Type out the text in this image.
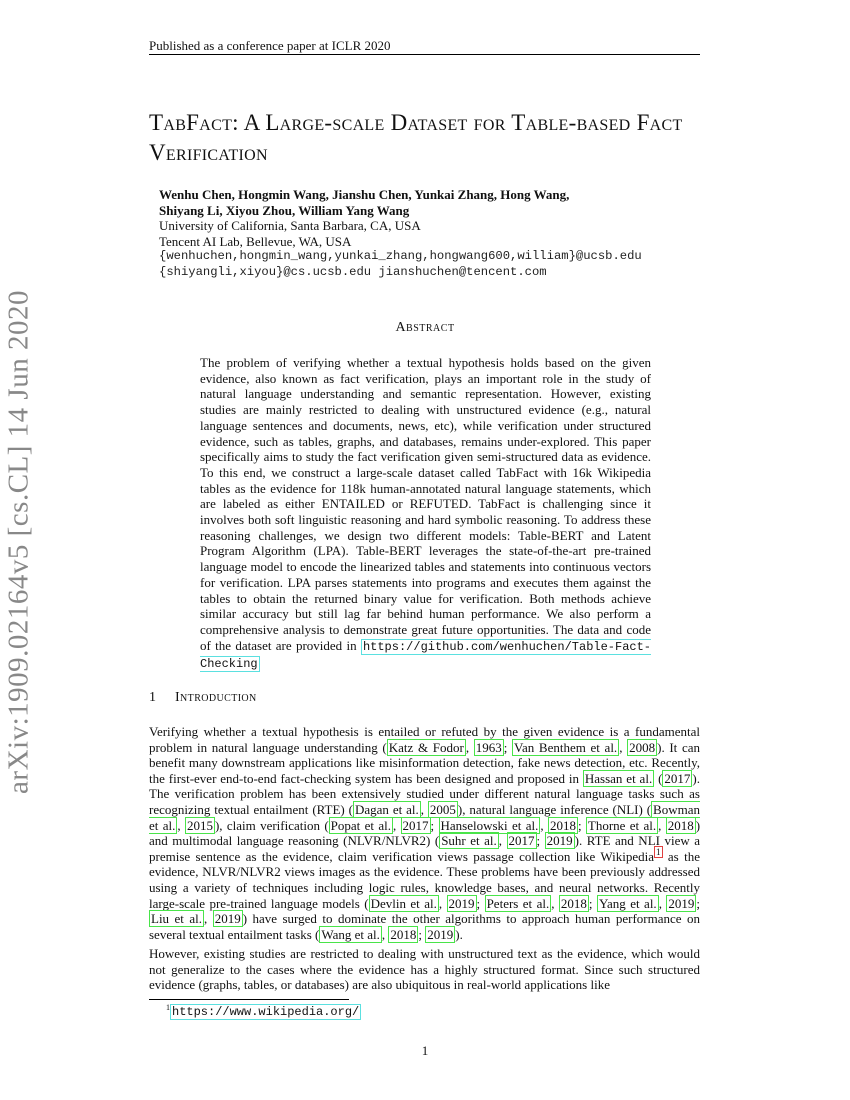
Published as a conference paper at ICLR 2020
TabFact: A Large-scale Dataset for Table-based Fact Verification
Wenhu Chen, Hongmin Wang, Jianshu Chen, Yunkai Zhang, Hong Wang,
Shiyang Li, Xiyou Zhou, William Yang Wang
University of California, Santa Barbara, CA, USA
Tencent AI Lab, Bellevue, WA, USA
{wenhuchen,hongmin_wang,yunkai_zhang,hongwang600,william}@ucsb.edu
{shiyangli,xiyou}@cs.ucsb.edu jianshuchen@tencent.com
arXiv:1909.02164v5 [cs.CL] 14 Jun 2020	Abstract
The problem of verifying whether a textual hypothesis holds based on the given evidence, also known as fact verification, plays an important role in the study of natural language understanding and semantic representation. However, existing studies are mainly restricted to dealing with unstructured evidence (e.g., natural language sentences and documents, news, etc), while verification under structured evidence, such as tables, graphs, and databases, remains under-explored. This paper specifically aims to study the fact verification given semi-structured data as evidence. To this end, we construct a large-scale dataset called TabFact with 16k Wikipedia tables as the evidence for 118k human-annotated natural language statements, which are labeled as either ENTAILED or REFUTED. TabFact is challenging since it involves both soft linguistic reasoning and hard symbolic reasoning. To address these reasoning challenges, we design two different models: Table-BERT and Latent Program Algorithm (LPA). Table-BERT leverages the state-of-the-art pre-trained language model to encode the linearized tables and statements into continuous vectors for verification. LPA parses statements into programs and executes them against the tables to obtain the returned binary value for verification. Both methods achieve similar accuracy but still lag far behind human performance. We also perform a comprehensive analysis to demonstrate great future opportunities. The data and code of the dataset are provided in https://github.com/wenhuchen/Table-Fact-Checking
1 Introduction
Verifying whether a textual hypothesis is entailed or refuted by the given evidence is a fundamental problem in natural language understanding ( Katz & Fodor , 1963 ; Van Benthem et al. , 2008 ). It can benefit many downstream applications like misinformation detection, fake news detection, etc. Recently, the first-ever end-to-end fact-checking system has been designed and proposed in Hassan et al. ( 2017 ). The verification problem has been extensively studied under different natural language tasks such as recognizing textual entailment (RTE) ( Dagan et al. , 2005 ), natural language inference (NLI) ( Bowman et al. , 2015 ), claim verification ( Popat et al. , 2017 ; Hanselowski et al. , 2018 ; Thorne et al. , 2018 ) and multimodal language reasoning (NLVR/NLVR2) ( Suhr et al. , 2017 ; 2019 ). RTE and NLI view a premise sentence as the evidence, claim verification views passage collection like Wikipedia $^1$ as the evidence, NLVR/NLVR2 views images as the evidence. These problems have been previously addressed using a variety of techniques including logic rules, knowledge bases, and neural networks. Recently large-scale pre-trained language models ( Devlin et al. , 2019 ; Peters et al. , 2018 ; Yang et al. , 2019 ; Liu et al. , 2019 ) have surged to dominate the other algorithms to approach human performance on several textual entailment tasks ( Wang et al. , 2018 ; 2019 ).
However, existing studies are restricted to dealing with unstructured text as the evidence, which would not generalize to the cases where the evidence has a highly structured format. Since such structured evidence (graphs, tables, or databases) are also ubiquitous in real-world applications like
$^1$ https://www.wikipedia.org/
1
